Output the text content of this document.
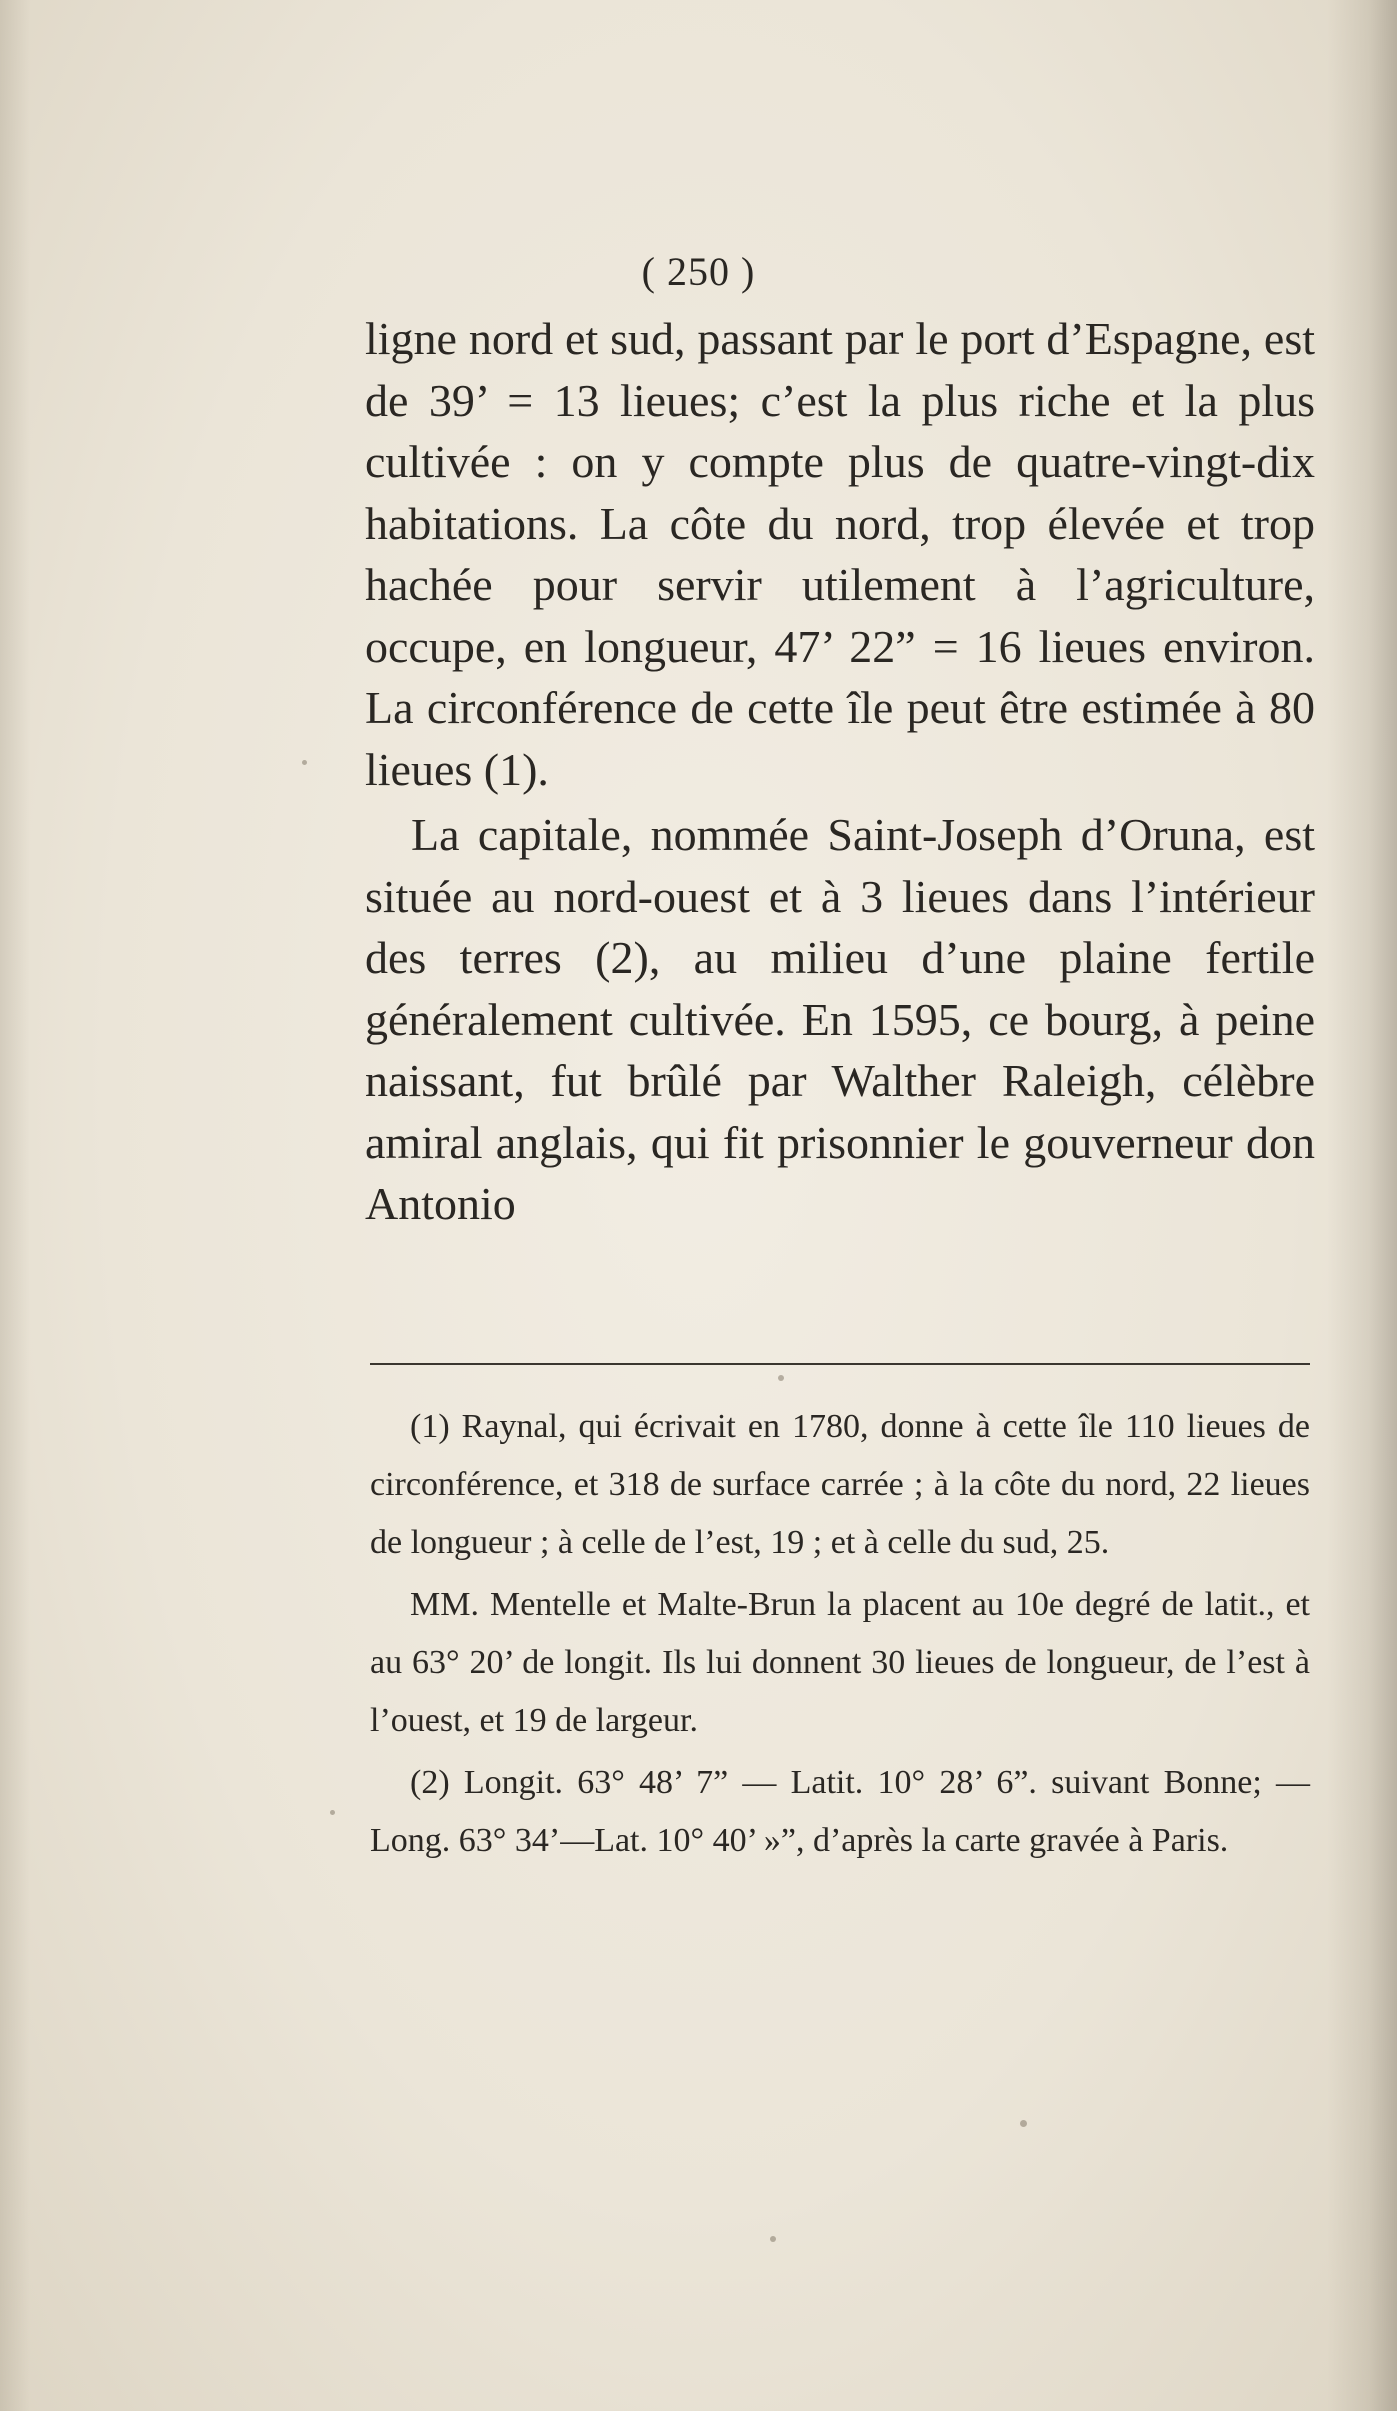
( 250 )

ligne nord et sud, passant par le port d’Espagne, est de 39’ = 13 lieues; c’est la plus riche et la plus cultivée : on y compte plus de quatre-vingt-dix habitations. La côte du nord, trop élevée et trop hachée pour servir utilement à l’agriculture, occupe, en longueur, 47’ 22” = 16 lieues environ. La circonférence de cette île peut être estimée à 80 lieues (1).

La capitale, nommée Saint-Joseph d’Oruna, est située au nord-ouest et à 3 lieues dans l’intérieur des terres (2), au milieu d’une plaine fertile généralement cultivée. En 1595, ce bourg, à peine naissant, fut brûlé par Walther Raleigh, célèbre amiral anglais, qui fit prisonnier le gouverneur don Antonio

(1) Raynal, qui écrivait en 1780, donne à cette île 110 lieues de circonférence, et 318 de surface carrée ; à la côte du nord, 22 lieues de longueur ; à celle de l’est, 19 ; et à celle du sud, 25.

MM. Mentelle et Malte-Brun la placent au 10e degré de latit., et au 63° 20’ de longit. Ils lui donnent 30 lieues de longueur, de l’est à l’ouest, et 19 de largeur.

(2) Longit. 63° 48’ 7” — Latit. 10° 28’ 6”. suivant Bonne; —Long. 63° 34’—Lat. 10° 40’ »”, d’après la carte gravée à Paris.
